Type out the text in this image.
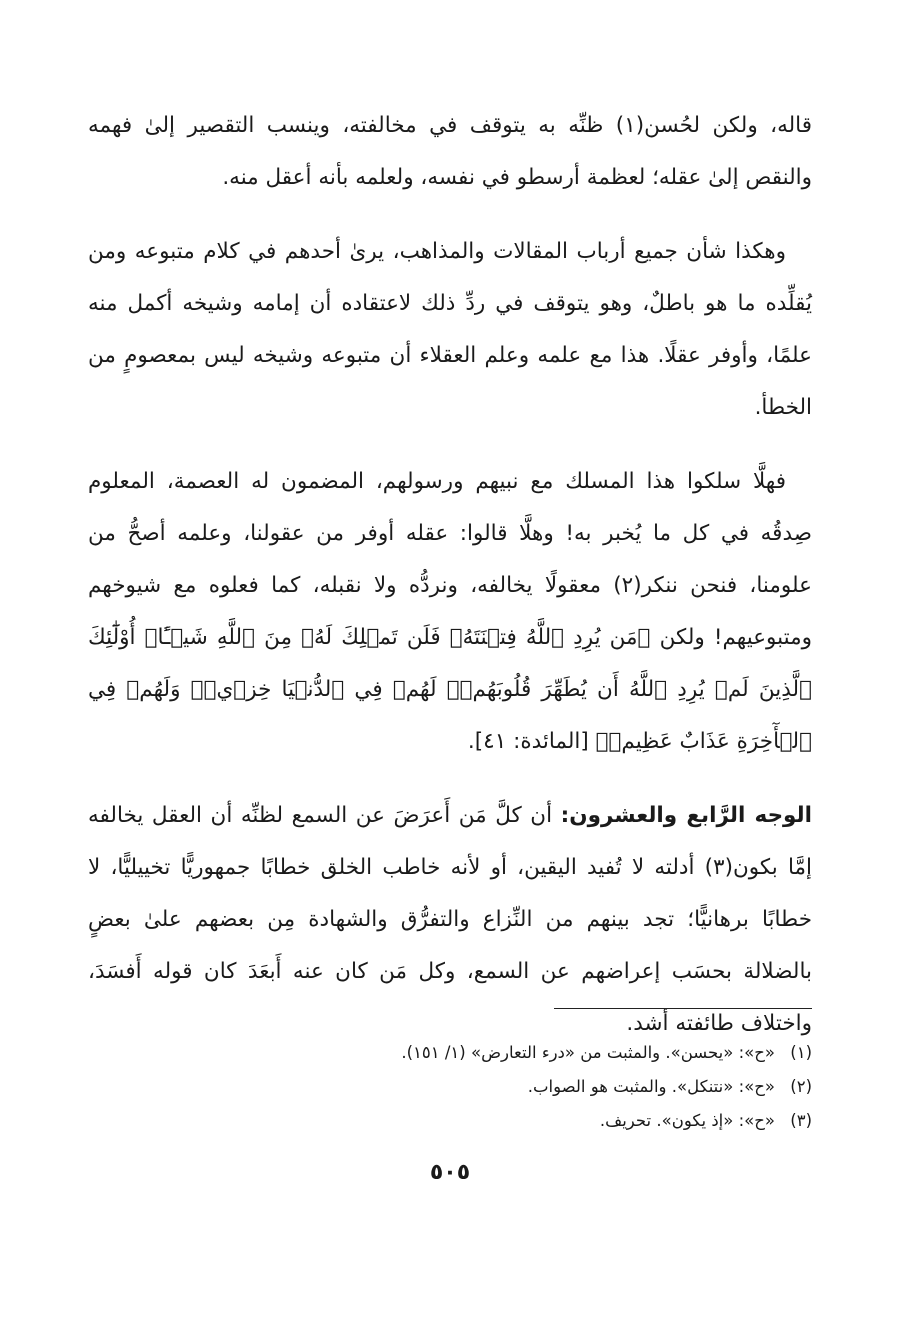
قاله، ولكن لحُسن(١) ظنِّه به يتوقف في مخالفته، وينسب التقصير إلىٰ فهمه والنقص إلىٰ عقله؛ لعظمة أرسطو في نفسه، ولعلمه بأنه أعقل منه.

وهكذا شأن جميع أرباب المقالات والمذاهب، يرىٰ أحدهم في كلام متبوعه ومن يُقلِّده ما هو باطلٌ، وهو يتوقف في ردِّ ذلك لاعتقاده أن إمامه وشيخه أكمل منه علمًا، وأوفر عقلًا. هذا مع علمه وعلم العقلاء أن متبوعه وشيخه ليس بمعصومٍ من الخطأ.

فهلَّا سلكوا هذا المسلك مع نبيهم ورسولهم، المضمون له العصمة، المعلوم صِدقُه في كل ما يُخبر به! وهلَّا قالوا: عقله أوفر من عقولنا، وعلمه أصحُّ من علومنا، فنحن ننكر(٢) معقولًا يخالفه، ونردُّه ولا نقبله، كما فعلوه مع شيوخهم ومتبوعيهم! ولكن ﴿مَن يُرِدِ ٱللَّهُ فِتۡنَتَهُۥ فَلَن تَمۡلِكَ لَهُۥ مِنَ ٱللَّهِ شَيۡـًٔاۚ أُوْلَٰٓئِكَ ٱلَّذِينَ لَمۡ يُرِدِ ٱللَّهُ أَن يُطَهِّرَ قُلُوبَهُمۡۚ لَهُمۡ فِي ٱلدُّنۡيَا خِزۡيٞۖ وَلَهُمۡ فِي ٱلۡأٓخِرَةِ عَذَابٌ عَظِيمٞ﴾ [المائدة: ٤١].

الوجه الرَّابع والعشرون: أن كلَّ مَن أَعرَضَ عن السمع لظنِّه أن العقل يخالفه إمَّا بكون(٣) أدلته لا تُفيد اليقين، أو لأنه خاطب الخلق خطابًا جمهوريًّا تخييليًّا، لا خطابًا برهانيًّا؛ تجد بينهم من النِّزاع والتفرُّق والشهادة مِن بعضهم علىٰ بعضٍ بالضلالة بحسَب إعراضهم عن السمع، وكل مَن كان عنه أَبعَدَ كان قوله أَفسَدَ، واختلاف طائفته أشد.

(١) «ح»: «يحسن». والمثبت من «درء التعارض» (١/ ١٥١).
(٢) «ح»: «نتنكل». والمثبت هو الصواب.
(٣) «ح»: «إذ يكون». تحريف.
٥٠٥
